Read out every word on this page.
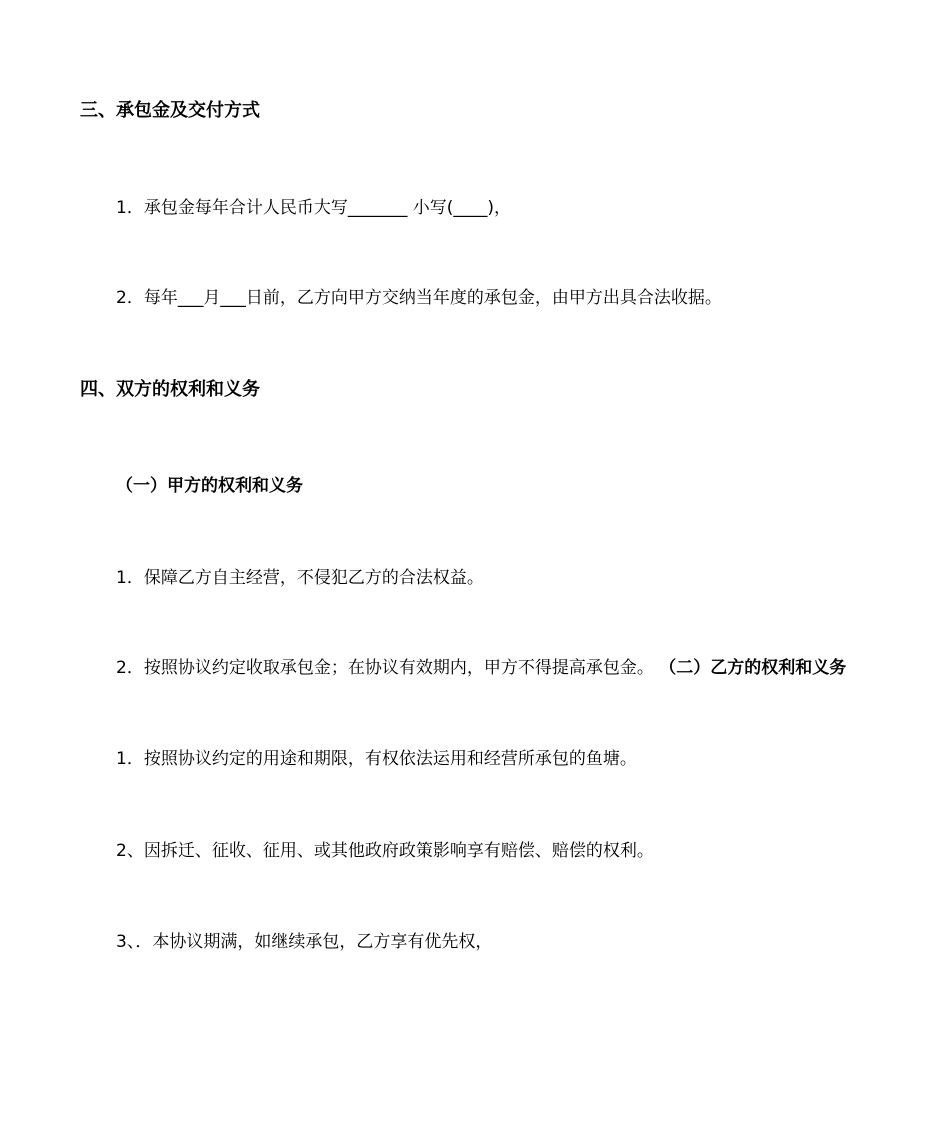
三、承包金及交付方式
1．承包金每年合计人民币大写_______ 小写(____)，
2．每年___月___日前，乙方向甲方交纳当年度的承包金，由甲方出具合法收据。
四、双方的权利和义务
（一）甲方的权利和义务
1．保障乙方自主经营，不侵犯乙方的合法权益。
2．按照协议约定收取承包金；在协议有效期内，甲方不得提高承包金。 （二）乙方的权利和义务
1．按照协议约定的用途和期限，有权依法运用和经营所承包的鱼塘。
2、因拆迁、征收、征用、或其他政府政策影响享有赔偿、赔偿的权利。
3、．本协议期满，如继续承包，乙方享有优先权，
